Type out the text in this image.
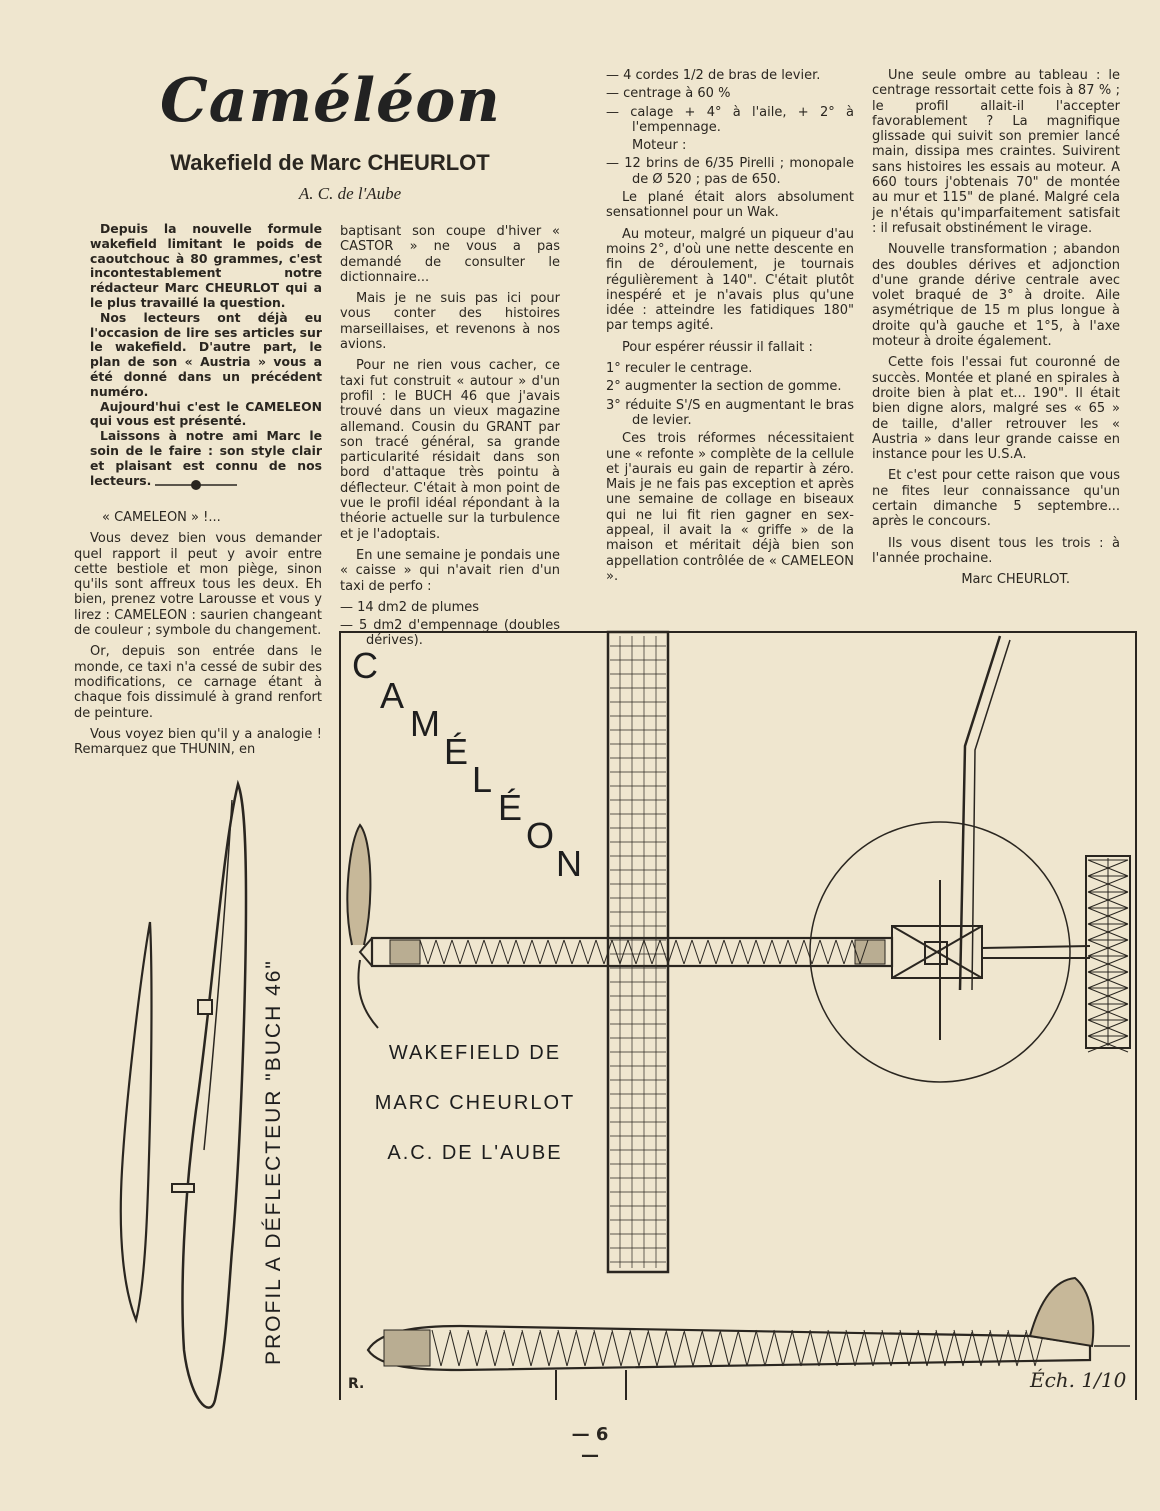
Caméléon
Wakefield de Marc CHEURLOT
A. C. de l'Aube

Depuis la nouvelle formule wakefield limitant le poids de caoutchouc à 80 grammes, c'est incontestablement notre rédacteur Marc CHEURLOT qui a le plus travaillé la question.

Nos lecteurs ont déjà eu l'occasion de lire ses articles sur le wakefield. D'autre part, le plan de son « Austria » vous a été donné dans un précédent numéro.

Aujourd'hui c'est le CAMELEON qui vous est présenté.

Laissons à notre ami Marc le soin de le faire : son style clair et plaisant est connu de nos lecteurs.

« CAMELEON » !...

Vous devez bien vous demander quel rapport il peut y avoir entre cette bestiole et mon piège, sinon qu'ils sont affreux tous les deux. Eh bien, prenez votre Larousse et vous y lirez : CAMELEON : saurien changeant de couleur ; symbole du changement.

Or, depuis son entrée dans le monde, ce taxi n'a cessé de subir des modifications, ce carnage étant à chaque fois dissimulé à grand renfort de peinture.

Vous voyez bien qu'il y a analogie ! Remarquez que THUNIN, en

baptisant son coupe d'hiver « CASTOR » ne vous a pas demandé de consulter le dictionnaire...

Mais je ne suis pas ici pour vous conter des histoires marseillaises, et revenons à nos avions.

Pour ne rien vous cacher, ce taxi fut construit « autour » d'un profil : le BUCH 46 que j'avais trouvé dans un vieux magazine allemand. Cousin du GRANT par son tracé général, sa grande particularité résidait dans son bord d'attaque très pointu à déflecteur. C'était à mon point de vue le profil idéal répondant à la théorie actuelle sur la turbulence et je l'adoptais.

En une semaine je pondais une « caisse » qui n'avait rien d'un taxi de perfo :

— 14 dm2 de plumes

— 5 dm2 d'empennage (doubles dérives).

— 4 cordes 1/2 de bras de levier.

— centrage à 60 %

— calage + 4° à l'aile, + 2° à l'empennage.

Moteur :

— 12 brins de 6/35 Pirelli ; monopale de Ø 520 ; pas de 650.

Le plané était alors absolument sensationnel pour un Wak.

Au moteur, malgré un piqueur d'au moins 2°, d'où une nette descente en fin de déroulement, je tournais régulièrement à 140". C'était plutôt inespéré et je n'avais plus qu'une idée : atteindre les fatidiques 180" par temps agité.

Pour espérer réussir il fallait :

1° reculer le centrage.

2° augmenter la section de gomme.

3° réduite S'/S en augmentant le bras de levier.

Ces trois réformes nécessitaient une « refonte » complète de la cellule et j'aurais eu gain de repartir à zéro. Mais je ne fais pas exception et après une semaine de collage en biseaux qui ne lui fit rien gagner en sex-appeal, il avait la « griffe » de la maison et méritait déjà bien son appellation contrôlée de « CAMELEON ».

Une seule ombre au tableau : le centrage ressortait cette fois à 87 % ; le profil allait-il l'accepter favorablement ? La magnifique glissade qui suivit son premier lancé main, dissipa mes craintes. Suivirent sans histoires les essais au moteur. A 660 tours j'obtenais 70" de montée au mur et 115" de plané. Malgré cela je n'étais qu'imparfaitement satisfait : il refusait obstinément le virage.

Nouvelle transformation ; abandon des doubles dérives et adjonction d'une grande dérive centrale avec volet braqué de 3° à droite. Aile asymétrique de 15 m plus longue à droite qu'à gauche et 1°5, à l'axe moteur à droite également.

Cette fois l'essai fut couronné de succès. Montée et plané en spirales à droite bien à plat et... 190". Il était bien digne alors, malgré ses « 65 » de taille, d'aller retrouver les « Austria » dans leur grande caisse en instance pour les U.S.A.

Et c'est pour cette raison que vous ne fites leur connaissance qu'un certain dimanche 5 septembre... après le concours.

Ils vous disent tous les trois : à l'année prochaine.

Marc CHEURLOT.

C
A
M
É
L
É
O
N
WAKEFIELD DE
MARC CHEURLOT
A.C. DE L'AUBE
PROFIL A DÉFLECTEUR "BUCH 46"
Éch. 1/10
R.
— 6 —
